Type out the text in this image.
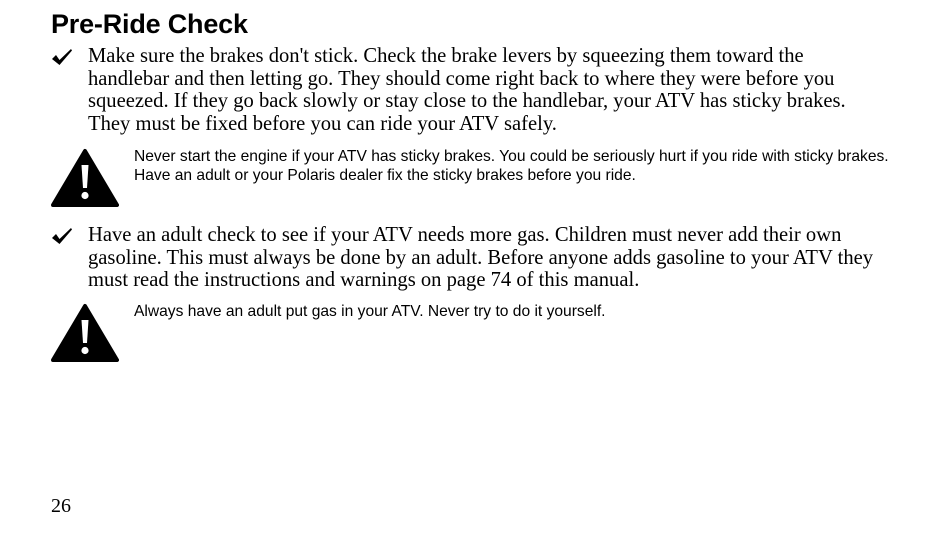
Pre-Ride Check

Make sure the brakes don't stick. Check the brake levers by squeezing them toward the handlebar and then letting go. They should come right back to where they were before you squeezed. If they go back slowly or stay close to the handlebar, your ATV has sticky brakes. They must be fixed before you can ride your ATV safely.

Never start the engine if your ATV has sticky brakes. You could be seriously hurt if you ride with sticky brakes. Have an adult or your Polaris dealer fix the sticky brakes before you ride.

Have an adult check to see if your ATV needs more gas. Children must never add their own gasoline. This must always be done by an adult. Before anyone adds gasoline to your ATV they must read the instructions and warnings on page 74 of this manual.

Always have an adult put gas in your ATV. Never try to do it yourself.

26
